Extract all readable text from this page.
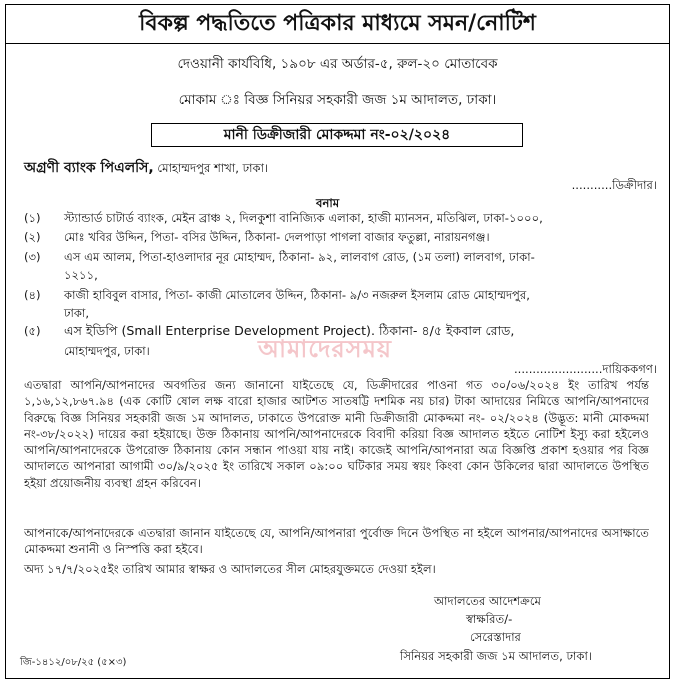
বিকল্প পদ্ধতিতে পত্রিকার মাধ্যমে সমন/নোটিশ
দেওয়ানী কার্যবিধি, ১৯০৮ এর অর্ডার-৫, রুল-২০ মোতাবেক
মোকাম ঃ বিজ্ঞ সিনিয়র সহকারী জজ ১ম আদালত, ঢাকা।
মানী ডিক্রীজারী মোকদ্দমা নং-০২/২০২৪
অগ্রণী ব্যাংক পিএলসি, মোহাম্মদপুর শাখা, ঢাকা।
...........ডিক্রীদার।
বনাম
(১) স্ট্যান্ডার্ড চাটার্ড ব্যাংক, মেইন ব্রাঞ্চ ২, দিলকুশা বানিজ্যিক এলাকা, হাজী ম্যানসন, মতিঝিল, ঢাকা-১০০০,
(২) মোঃ খবির উদ্দিন, পিতা- বসির উদ্দিন, ঠিকানা- দেলপাড়া পাগলা বাজার ফতুল্লা, নারায়নগঞ্জ।
(৩) এস এম আলম, পিতা-হাওলাদার নূর মোহাম্মদ, ঠিকানা- ৯২, লালবাগ রোড, (১ম তলা) লালবাগ, ঢাকা-
১২১১,
(৪) কাজী হাবিবুল বাসার, পিতা- কাজী মোতালেব উদ্দিন, ঠিকানা- ৯/৩ নজরুল ইসলাম রোড মোহাম্মদপুর,
ঢাকা,
(৫) এস ইডিপি (Small Enterprise Development Project). ঠিকানা- ৪/৫ ইকবাল রোড,
মোহাম্মদপুর, ঢাকা।	আমাদেরসময়
........................দায়িককগণ।
এতদ্বারা আপনি/আপনাদের অবগতির জন্য জানানো যাইতেছে যে, ডিক্রীদারের পাওনা গত ৩০/০৬/২০২৪ ইং তারিখ পর্যন্ত ১,১৬,১২,৮৬৭.৯৪ (এক কোটি ষোল লক্ষ বারো হাজার আটশত সাতষট্টি দশমিক নয় চার) টাকা আদায়ের নিমিত্তে আপনি/আপনাদের বিরুদ্ধে বিজ্ঞ সিনিয়র সহকারী জজ ১ম আদালত, ঢাকাতে উপরোক্ত মানী ডিক্রীজারী মোকদ্দমা নং- ০২/২০২৪ (উদ্ভূত: মানী মোকদ্দমা নং-৩৮/২০২২) দায়ের করা হইয়াছে। উক্ত ঠিকানায় আপনি/আপনাদেরকে বিবাদী করিয়া বিজ্ঞ আদালত হইতে নোটিশ ইস্যু করা হইলেও আপনি/আপনাদেরকে উপরোক্ত ঠিকানায় কোন সন্ধান পাওয়া যায় নাই। কাজেই আপনি/আপনারা অত্র বিজ্ঞপ্তি প্রকাশ হওয়ার পর বিজ্ঞ আদালতে আপনারা আগামী ৩০/৯/২০২৫ ইং তারিখে সকাল ০৯:০০ ঘটিকার সময় স্বয়ং কিংবা কোন উকিলের দ্বারা আদালতে উপস্থিত হইয়া প্রয়োজনীয় ব্যবস্থা গ্রহন করিবেন।
আপনাকে/আপনাদেরকে এতদ্বারা জানান যাইতেছে যে, আপনি/আপনারা পুর্বোক্ত দিনে উপস্থিত না হইলে আপনার/আপনাদের অসাক্ষাতে মোকদ্দমা শুনানী ও নিস্পত্তি করা হইবে।
অদ্য ১৭/৭/২০২৫ইং তারিখ আমার স্বাক্ষর ও আদালতের সীল মোহরযুক্তমতে দেওয়া হইল।
আদালতের আদেশক্রমে
স্বাক্ষরিত/-
সেরেস্তাদার
সিনিয়র সহকারী জজ ১ম আদালত, ঢাকা।
জি-১৪১২/০৮/২৫ (৫×৩)
